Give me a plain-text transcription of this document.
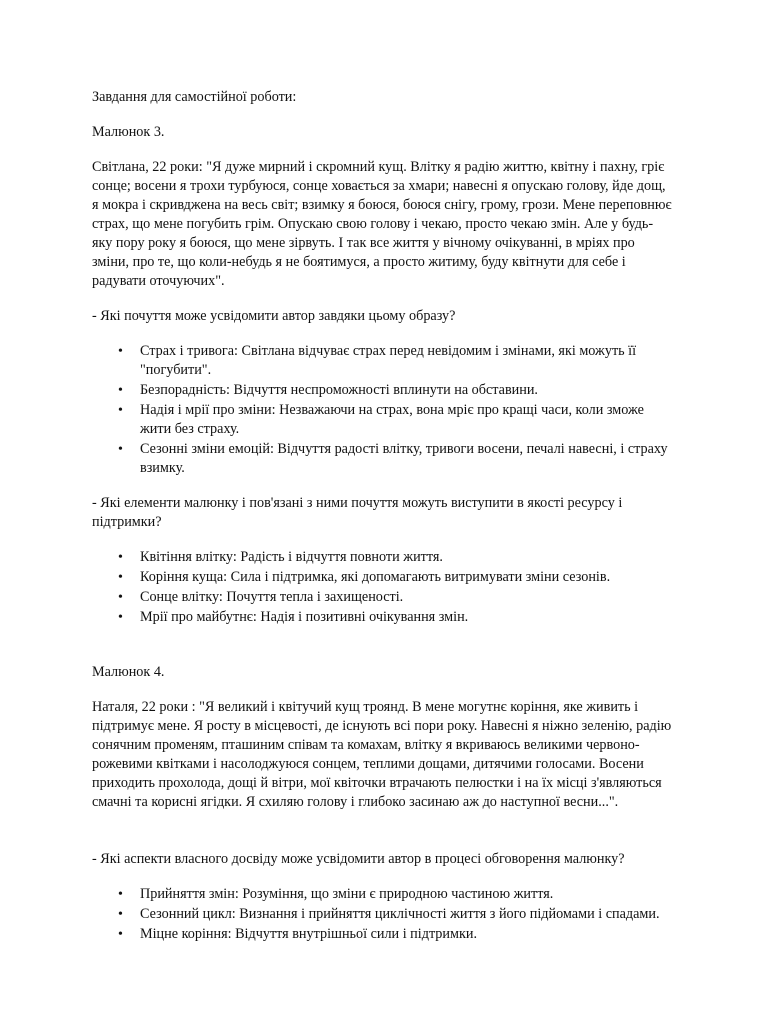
Завдання для самостійної роботи:

Малюнок 3.

Світлана, 22 роки: "Я дуже мирний і скромний кущ. Влітку я радію життю, квітну і пахну, гріє сонце; восени я трохи турбуюся, сонце ховається за хмари; навесні я опускаю голову, йде дощ, я мокра і скривджена на весь світ; взимку я боюся, боюся снігу, грому, грози. Мене переповнює страх, що мене погубить грім. Опускаю свою голову і чекаю, просто чекаю змін. Але у будь-яку пору року я боюся, що мене зірвуть. І так все життя у вічному очікуванні, в мріях про зміни, про те, що коли-небудь я не боятимуся, а просто житиму, буду квітнути для себе і радувати оточуючих".

- Які почуття може усвідомити автор завдяки цьому образу?

• Страх і тривога: Світлана відчуває страх перед невідомим і змінами, які можуть її "погубити".
• Безпорадність: Відчуття неспроможності вплинути на обставини.
• Надія і мрії про зміни: Незважаючи на страх, вона мріє про кращі часи, коли зможе жити без страху.
• Сезонні зміни емоцій: Відчуття радості влітку, тривоги восени, печалі навесні, і страху взимку.

- Які елементи малюнку і пов'язані з ними почуття можуть виступити в якості ресурсу і підтримки?

• Квітіння влітку: Радість і відчуття повноти життя.
• Коріння куща: Сила і підтримка, які допомагають витримувати зміни сезонів.
• Сонце влітку: Почуття тепла і захищеності.
• Мрії про майбутнє: Надія і позитивні очікування змін.

Малюнок 4.

Наталя, 22 роки : "Я великий і квітучий кущ троянд. В мене могутнє коріння, яке живить і підтримує мене. Я росту в місцевості, де існують всі пори року. Навесні я ніжно зеленію, радію сонячним променям, пташиним співам та комахам, влітку я вкриваюсь великими червоно-рожевими квітками і насолоджуюся сонцем, теплими дощами, дитячими голосами. Восени приходить прохолода, дощі й вітри, мої квіточки втрачають пелюстки і на їх місці з'являються смачні та корисні ягідки. Я схиляю голову і глибоко засинаю аж до наступної весни...".

- Які аспекти власного досвіду може усвідомити автор в процесі обговорення малюнку?

• Прийняття змін: Розуміння, що зміни є природною частиною життя.
• Сезонний цикл: Визнання і прийняття циклічності життя з його підйомами і спадами.
• Міцне коріння: Відчуття внутрішньої сили і підтримки.
